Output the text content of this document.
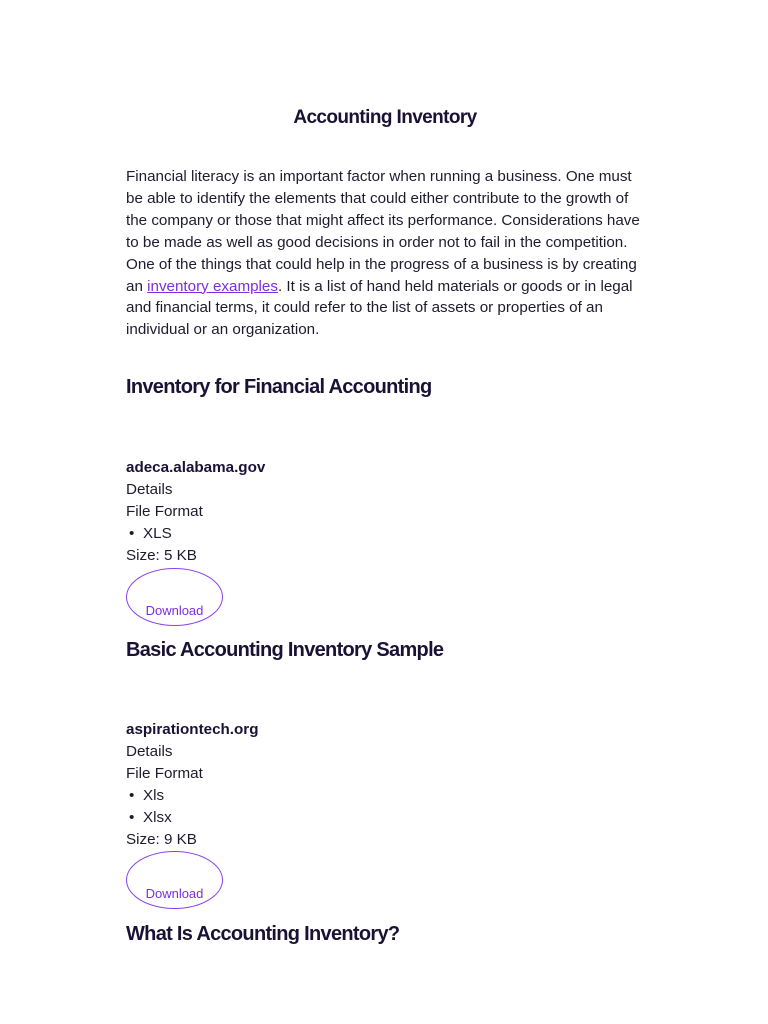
Accounting Inventory

Financial literacy is an important factor when running a business. One must be able to identify the elements that could either contribute to the growth of the company or those that might affect its performance. Considerations have to be made as well as good decisions in order not to fail in the competition.

One of the things that could help in the progress of a business is by creating an inventory examples. It is a list of hand held materials or goods or in legal and financial terms, it could refer to the list of assets or properties of an individual or an organization.

Inventory for Financial Accounting
adeca.alabama.gov
Details
File Format
• XLS
Size: 5 KB
Download
Basic Accounting Inventory Sample
aspirationtech.org
Details
File Format
• Xls
• Xlsx
Size: 9 KB
Download
What Is Accounting Inventory?
